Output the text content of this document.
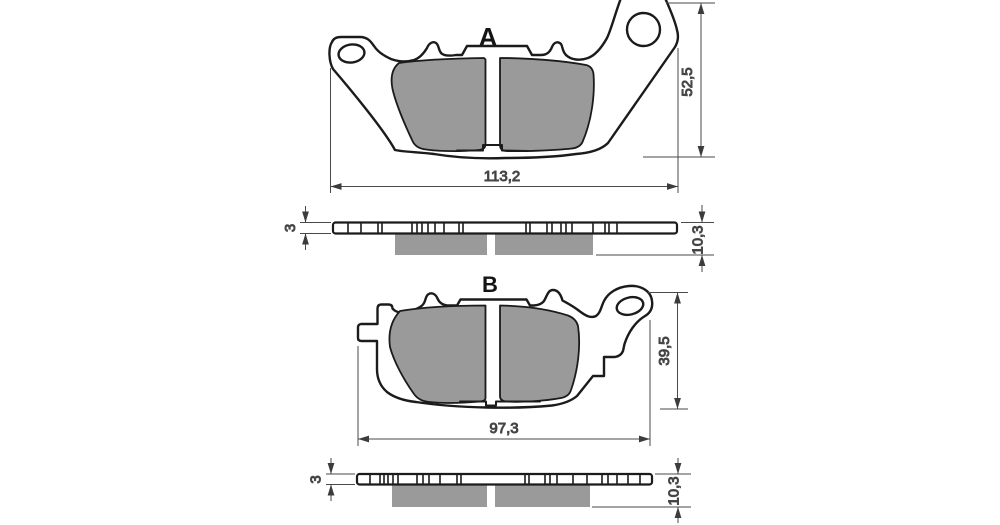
A
113,2
52,5
3	10,3
B
97,3
39,5
3	10,3
